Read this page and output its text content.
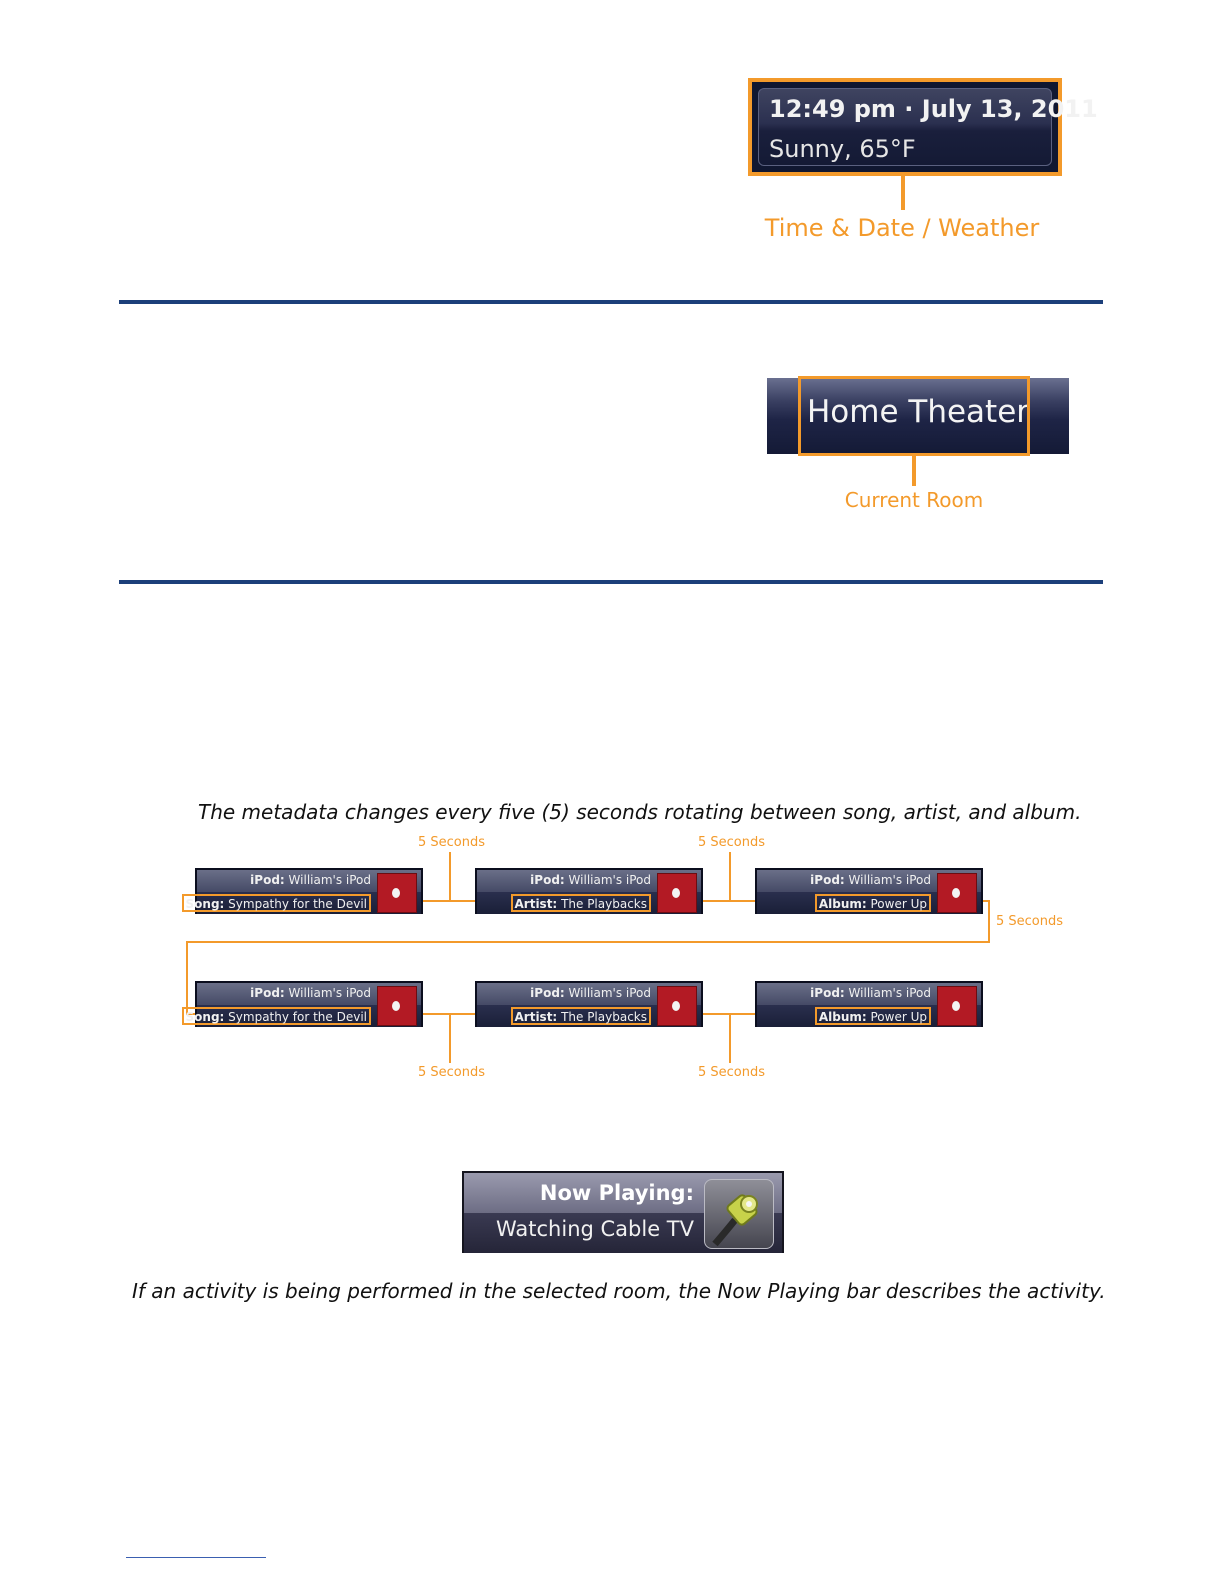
12:49 pm · July 13, 2011
Sunny, 65°F
Time & Date / Weather
Home Theater
Current Room
The metadata changes every five (5) seconds rotating between song, artist, and album.
5 Seconds	5 Seconds
5 Seconds
5 Seconds	5 Seconds
iPod: William's iPod
Song: Sympathy for the Devil
iPod: William's iPod
Artist: The Playbacks
iPod: William's iPod
Album: Power Up
iPod: William's iPod
Song: Sympathy for the Devil
iPod: William's iPod
Artist: The Playbacks
iPod: William's iPod
Album: Power Up
Now Playing:
Watching Cable TV
If an activity is being performed in the selected room, the Now Playing bar describes the activity.
